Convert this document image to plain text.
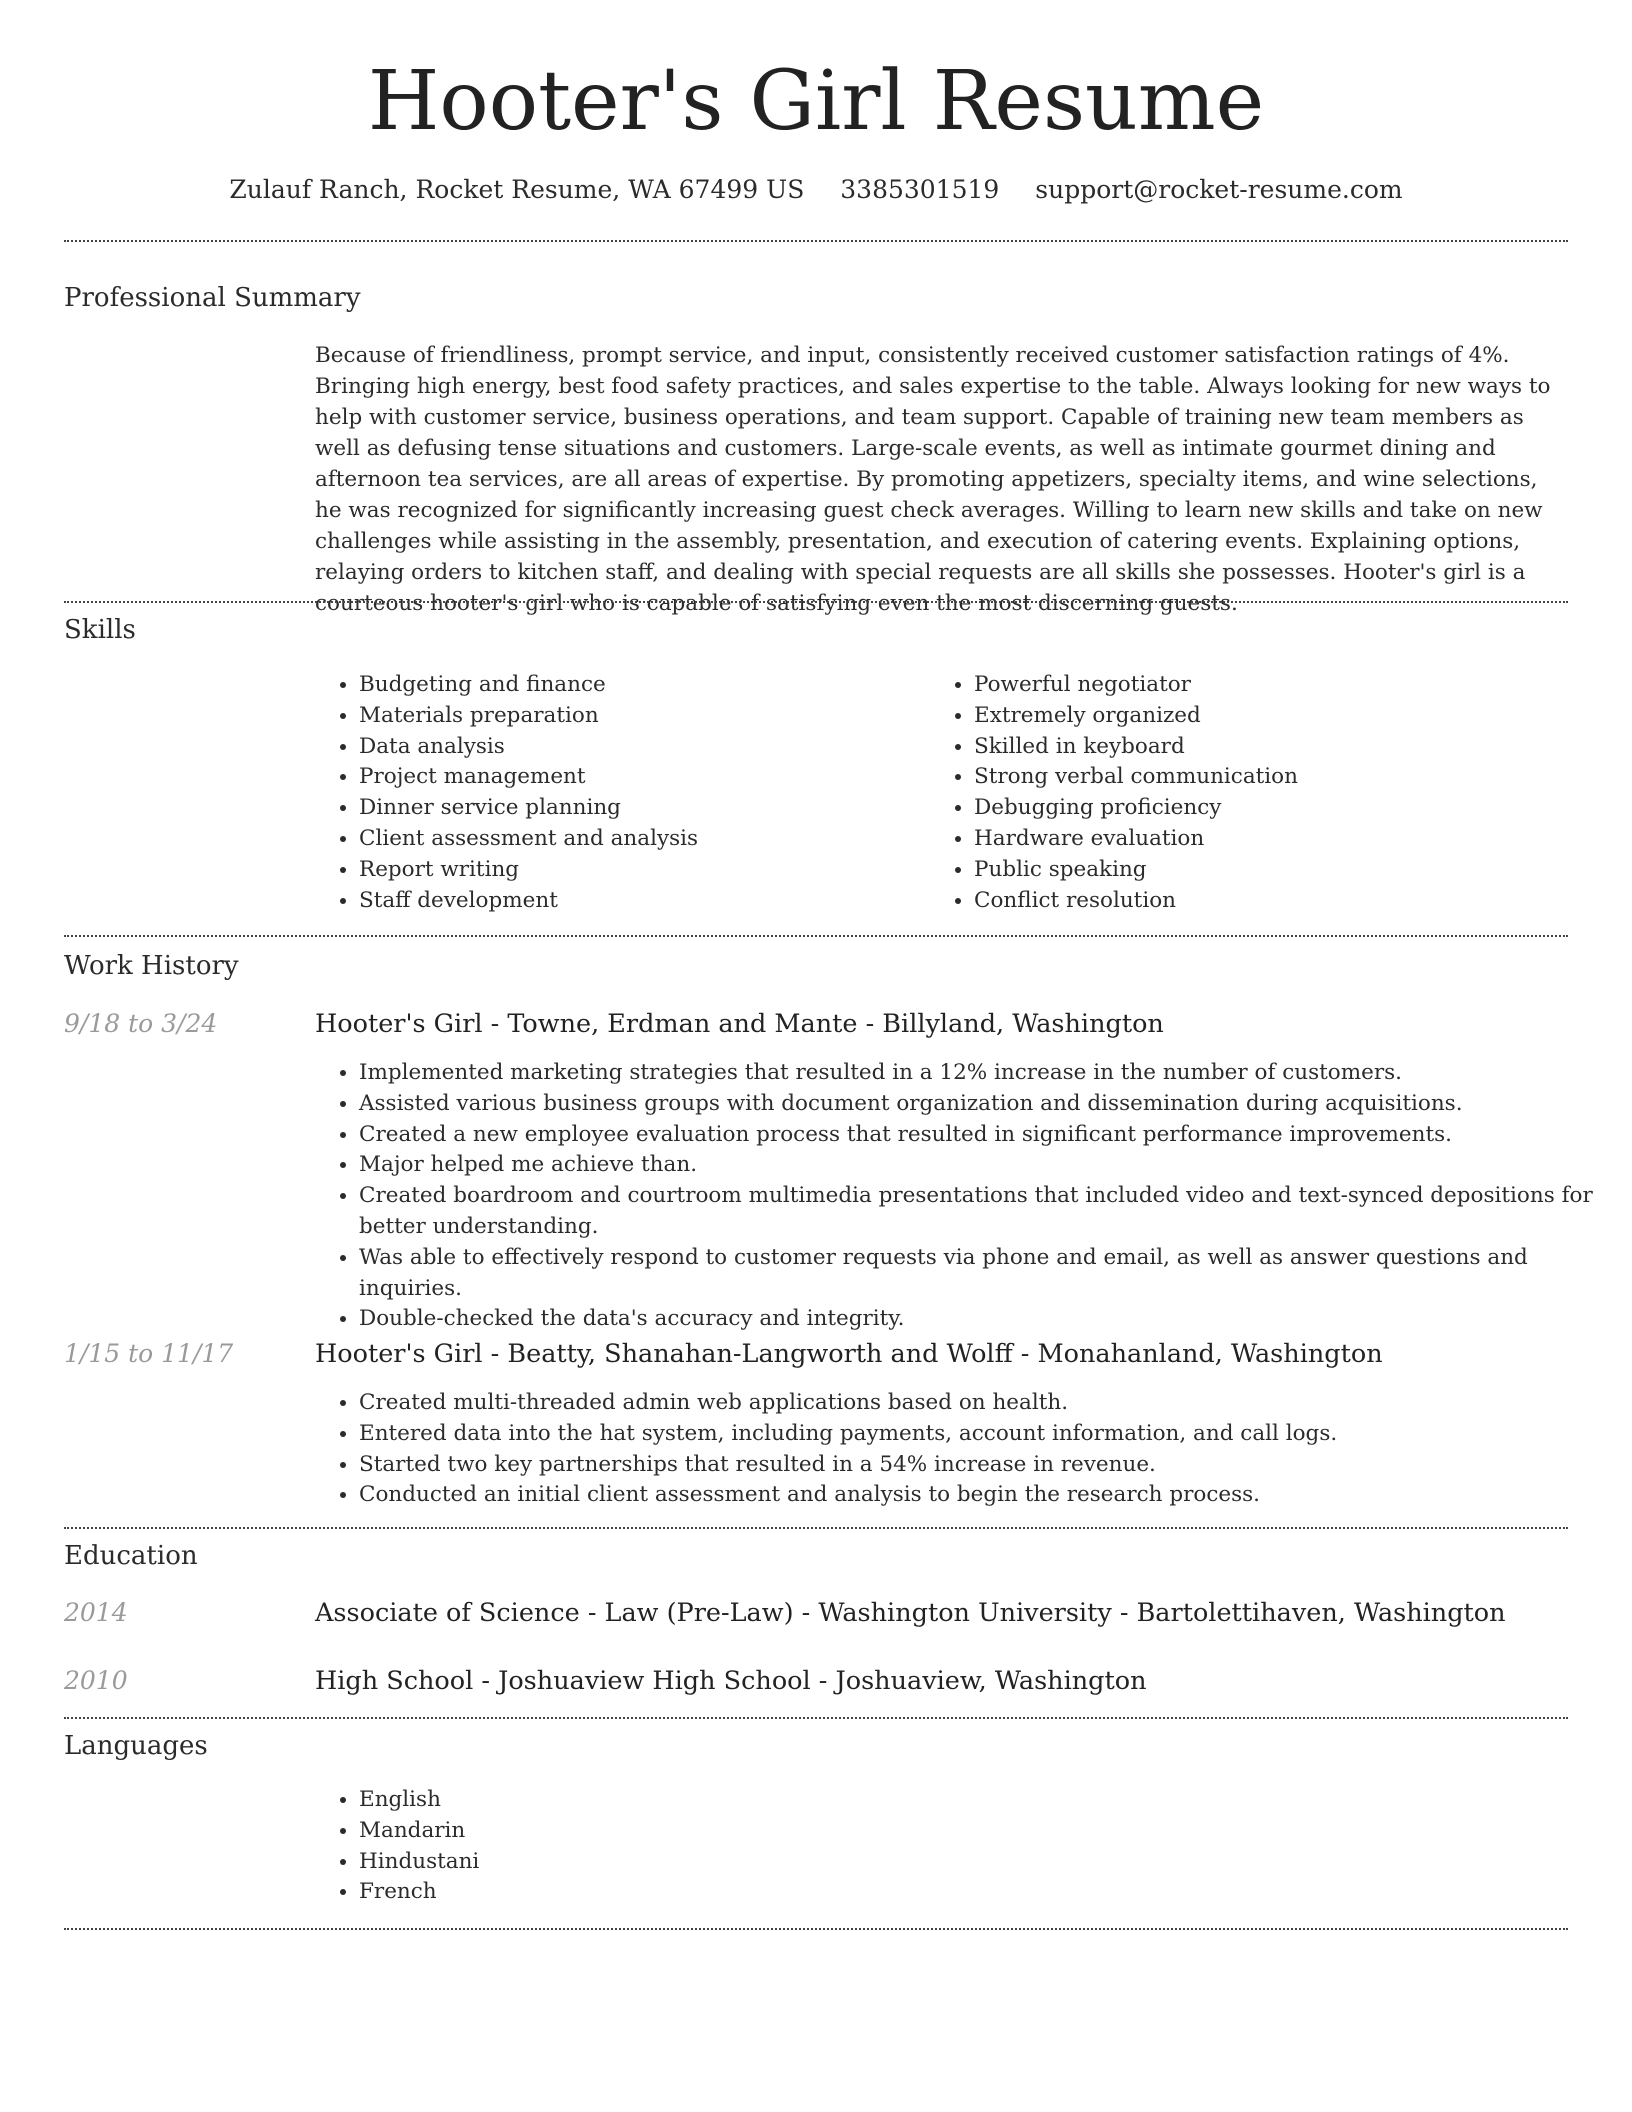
Hooter's Girl Resume
Zulauf Ranch, Rocket Resume, WA 67499 US 3385301519 support@rocket-resume.com
Professional Summary

Because of friendliness, prompt service, and input, consistently received customer satisfaction ratings of 4%. Bringing high energy, best food safety practices, and sales expertise to the table. Always looking for new ways to help with customer service, business operations, and team support. Capable of training new team members as well as defusing tense situations and customers. Large-scale events, as well as intimate gourmet dining and afternoon tea services, are all areas of expertise. By promoting appetizers, specialty items, and wine selections, he was recognized for significantly increasing guest check averages. Willing to learn new skills and take on new challenges while assisting in the assembly, presentation, and execution of catering events. Explaining options, relaying orders to kitchen staff, and dealing with special requests are all skills she possesses. Hooter's girl is a courteous hooter's girl who is capable of satisfying even the most discerning guests.

Skills
• Budgeting and finance
• Materials preparation
• Data analysis
• Project management
• Dinner service planning
• Client assessment and analysis
• Report writing
• Staff development
• Powerful negotiator
• Extremely organized
• Skilled in keyboard
• Strong verbal communication
• Debugging proficiency
• Hardware evaluation
• Public speaking
• Conflict resolution
Work History
9/18 to 3/24	Hooter's Girl - Towne, Erdman and Mante - Billyland, Washington
• Implemented marketing strategies that resulted in a 12% increase in the number of customers.
• Assisted various business groups with document organization and dissemination during acquisitions.
• Created a new employee evaluation process that resulted in significant performance improvements.
• Major helped me achieve than.
• Created boardroom and courtroom multimedia presentations that included video and text-synced depositions for better understanding.
• Was able to effectively respond to customer requests via phone and email, as well as answer questions and inquiries.
• Double-checked the data's accuracy and integrity.
1/15 to 11/17	Hooter's Girl - Beatty, Shanahan-Langworth and Wolff - Monahanland, Washington
• Created multi-threaded admin web applications based on health.
• Entered data into the hat system, including payments, account information, and call logs.
• Started two key partnerships that resulted in a 54% increase in revenue.
• Conducted an initial client assessment and analysis to begin the research process.
Education
2014	Associate of Science - Law (Pre-Law) - Washington University - Bartolettihaven, Washington
2010	High School - Joshuaview High School - Joshuaview, Washington
Languages
• English
• Mandarin
• Hindustani
• French
